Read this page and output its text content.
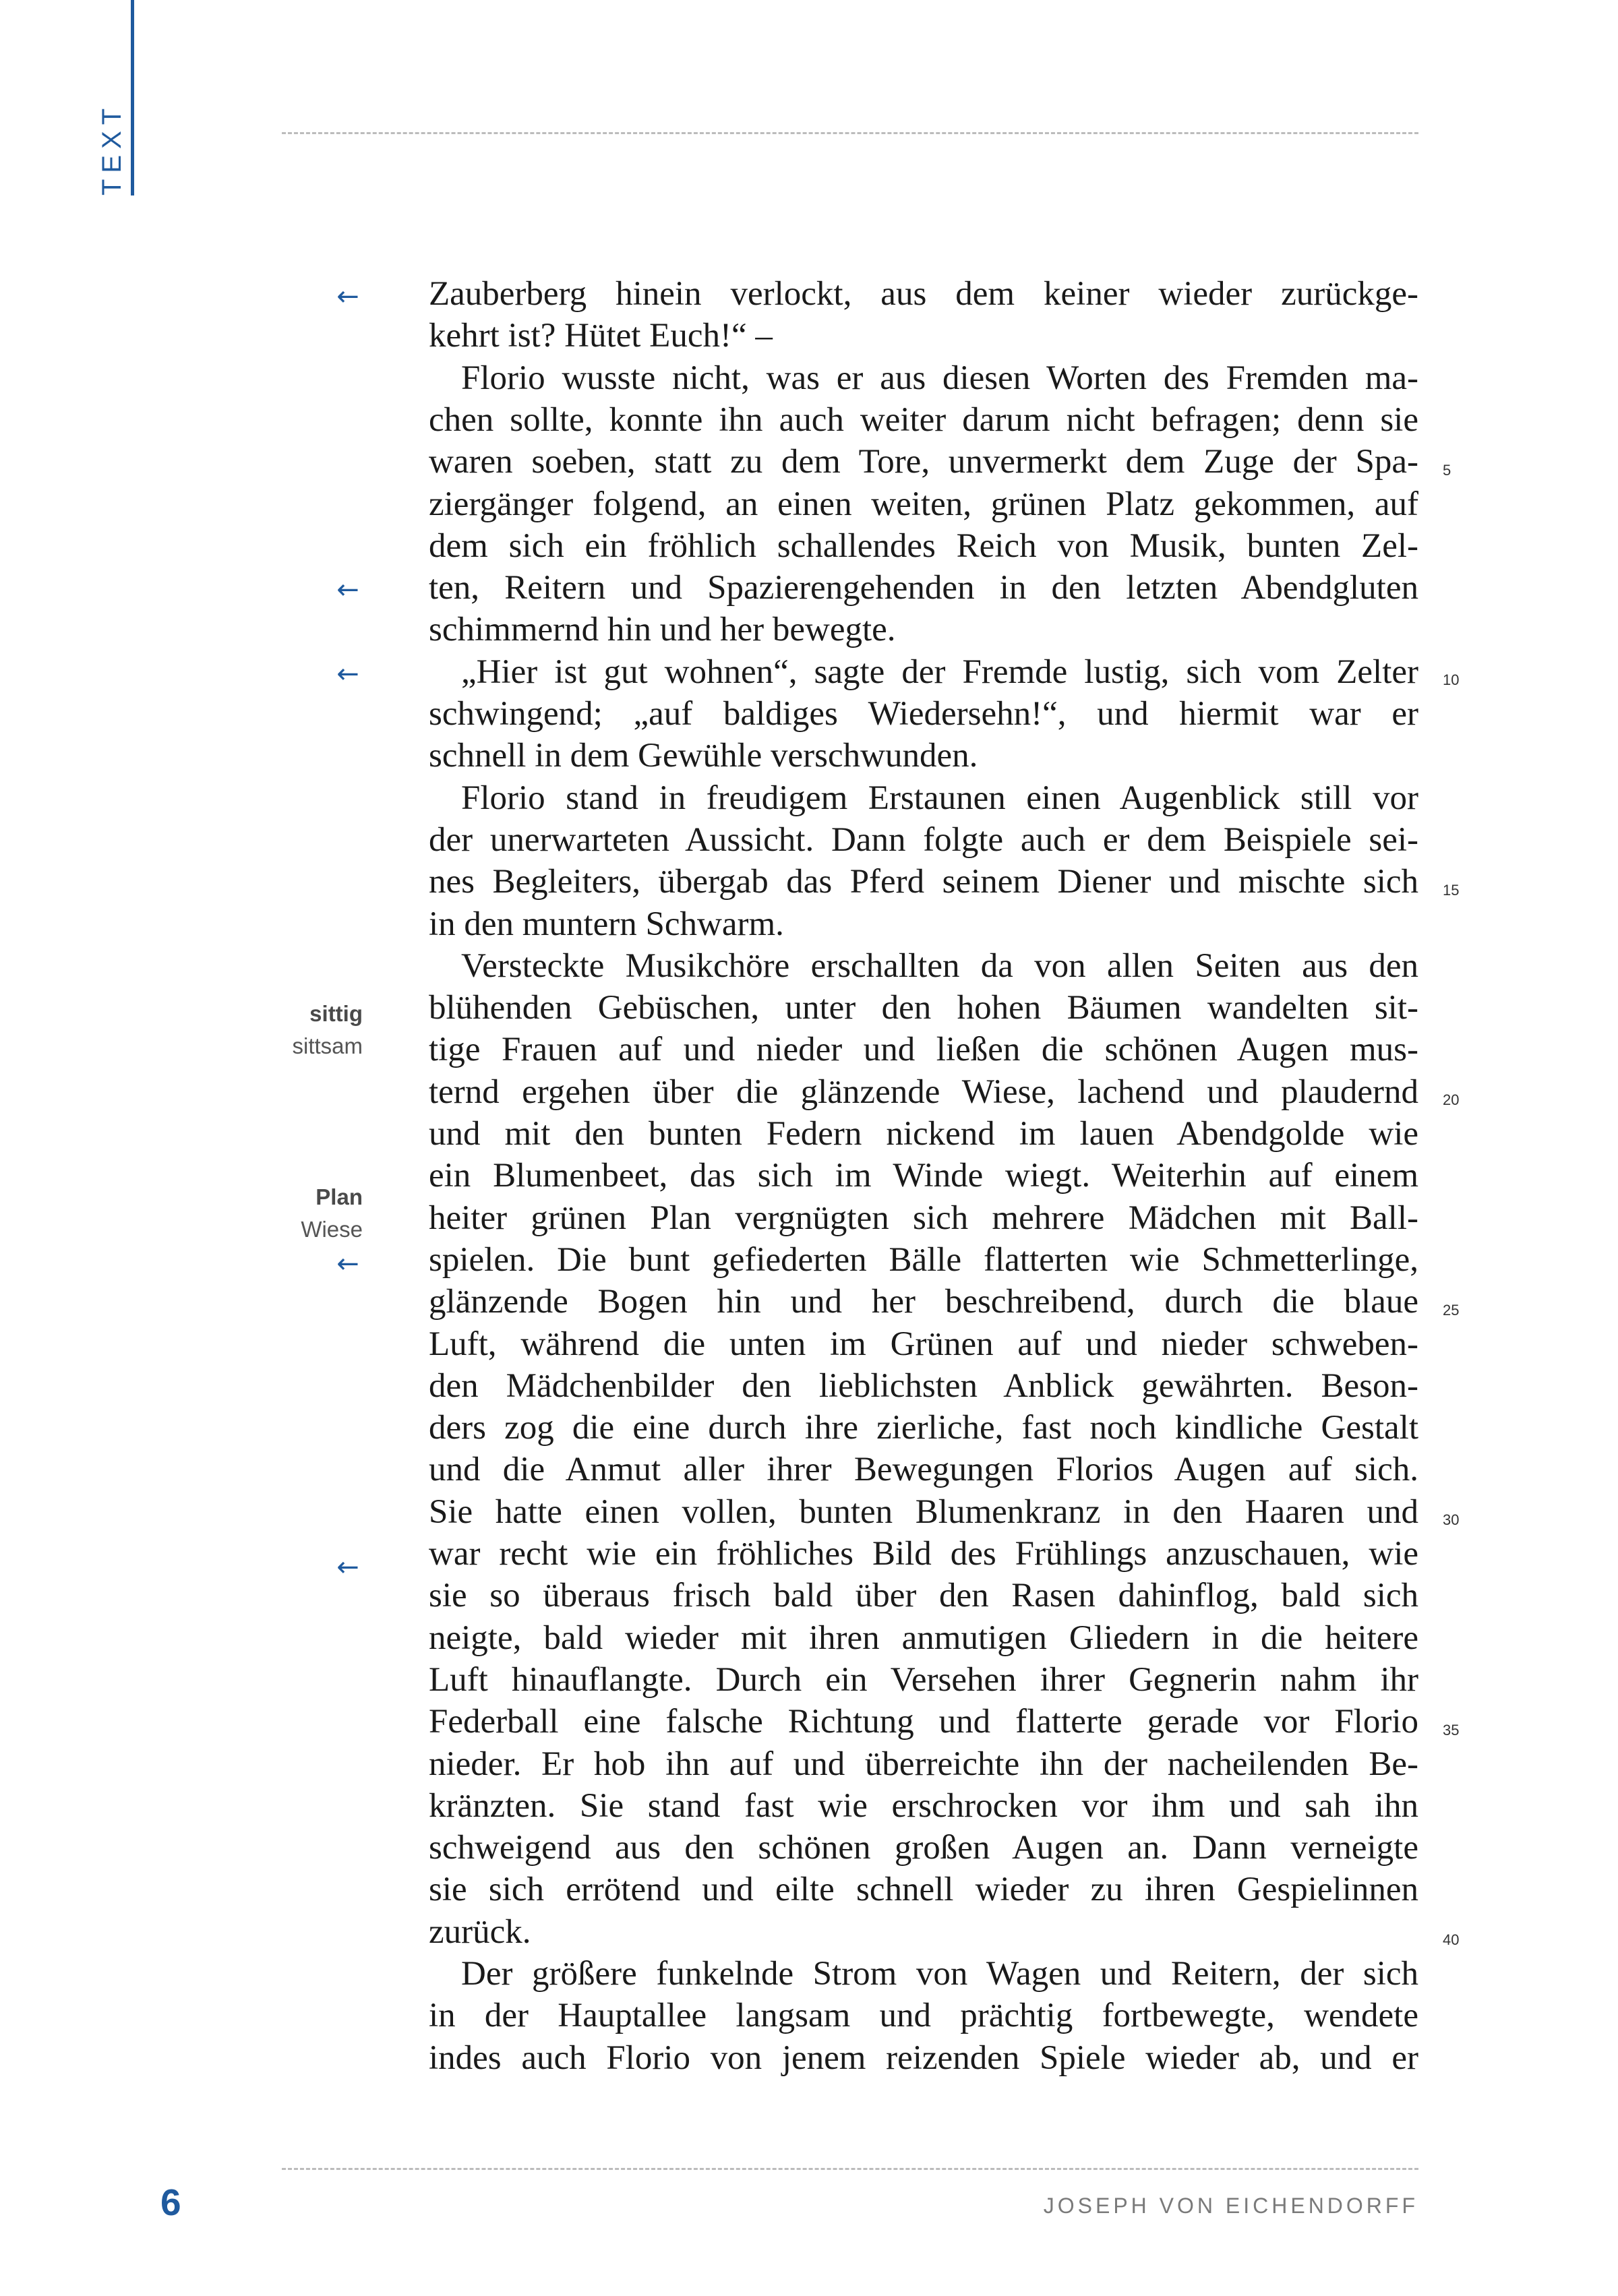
TEXT
Zauberberg hinein verlockt, aus dem keiner wieder zurückge-
kehrt ist? Hütet Euch!“ –
Florio wusste nicht, was er aus diesen Worten des Fremden ma-
chen sollte, konnte ihn auch weiter darum nicht befragen; denn sie
waren soeben, statt zu dem Tore, unvermerkt dem Zuge der Spa-
ziergänger folgend, an einen weiten, grünen Platz gekommen, auf
dem sich ein fröhlich schallendes Reich von Musik, bunten Zel-
ten, Reitern und Spazierengehenden in den letzten Abendgluten
schimmernd hin und her bewegte.
„Hier ist gut wohnen“, sagte der Fremde lustig, sich vom Zelter
schwingend; „auf baldiges Wiedersehn!“, und hiermit war er
schnell in dem Gewühle verschwunden.
Florio stand in freudigem Erstaunen einen Augenblick still vor
der unerwarteten Aussicht. Dann folgte auch er dem Beispiele sei-
nes Begleiters, übergab das Pferd seinem Diener und mischte sich
in den muntern Schwarm.
Versteckte Musikchöre erschallten da von allen Seiten aus den
blühenden Gebüschen, unter den hohen Bäumen wandelten sit-
tige Frauen auf und nieder und ließen die schönen Augen mus-
ternd ergehen über die glänzende Wiese, lachend und plaudernd
und mit den bunten Federn nickend im lauen Abendgolde wie
ein Blumenbeet, das sich im Winde wiegt. Weiterhin auf einem
heiter grünen Plan vergnügten sich mehrere Mädchen mit Ball-
spielen. Die bunt gefiederten Bälle flatterten wie Schmetterlinge,
glänzende Bogen hin und her beschreibend, durch die blaue
Luft, während die unten im Grünen auf und nieder schweben-
den Mädchenbilder den lieblichsten Anblick gewährten. Beson-
ders zog die eine durch ihre zierliche, fast noch kindliche Gestalt
und die Anmut aller ihrer Bewegungen Florios Augen auf sich.
Sie hatte einen vollen, bunten Blumenkranz in den Haaren und
war recht wie ein fröhliches Bild des Frühlings anzuschauen, wie
sie so überaus frisch bald über den Rasen dahinflog, bald sich
neigte, bald wieder mit ihren anmutigen Gliedern in die heitere
Luft hinauflangte. Durch ein Versehen ihrer Gegnerin nahm ihr
Federball eine falsche Richtung und flatterte gerade vor Florio
nieder. Er hob ihn auf und überreichte ihn der nacheilenden Be-
kränzten. Sie stand fast wie erschrocken vor ihm und sah ihn
schweigend aus den schönen großen Augen an. Dann verneigte
sie sich errötend und eilte schnell wieder zu ihren Gespielinnen
zurück.
Der größere funkelnde Strom von Wagen und Reitern, der sich
in der Hauptallee langsam und prächtig fortbewegte, wendete
indes auch Florio von jenem reizenden Spiele wieder ab, und er
5
10
15
20
25
30
35
40
←
←
←
←
←
sittig
sittsam
Plan
Wiese
6	JOSEPH VON EICHENDORFF
